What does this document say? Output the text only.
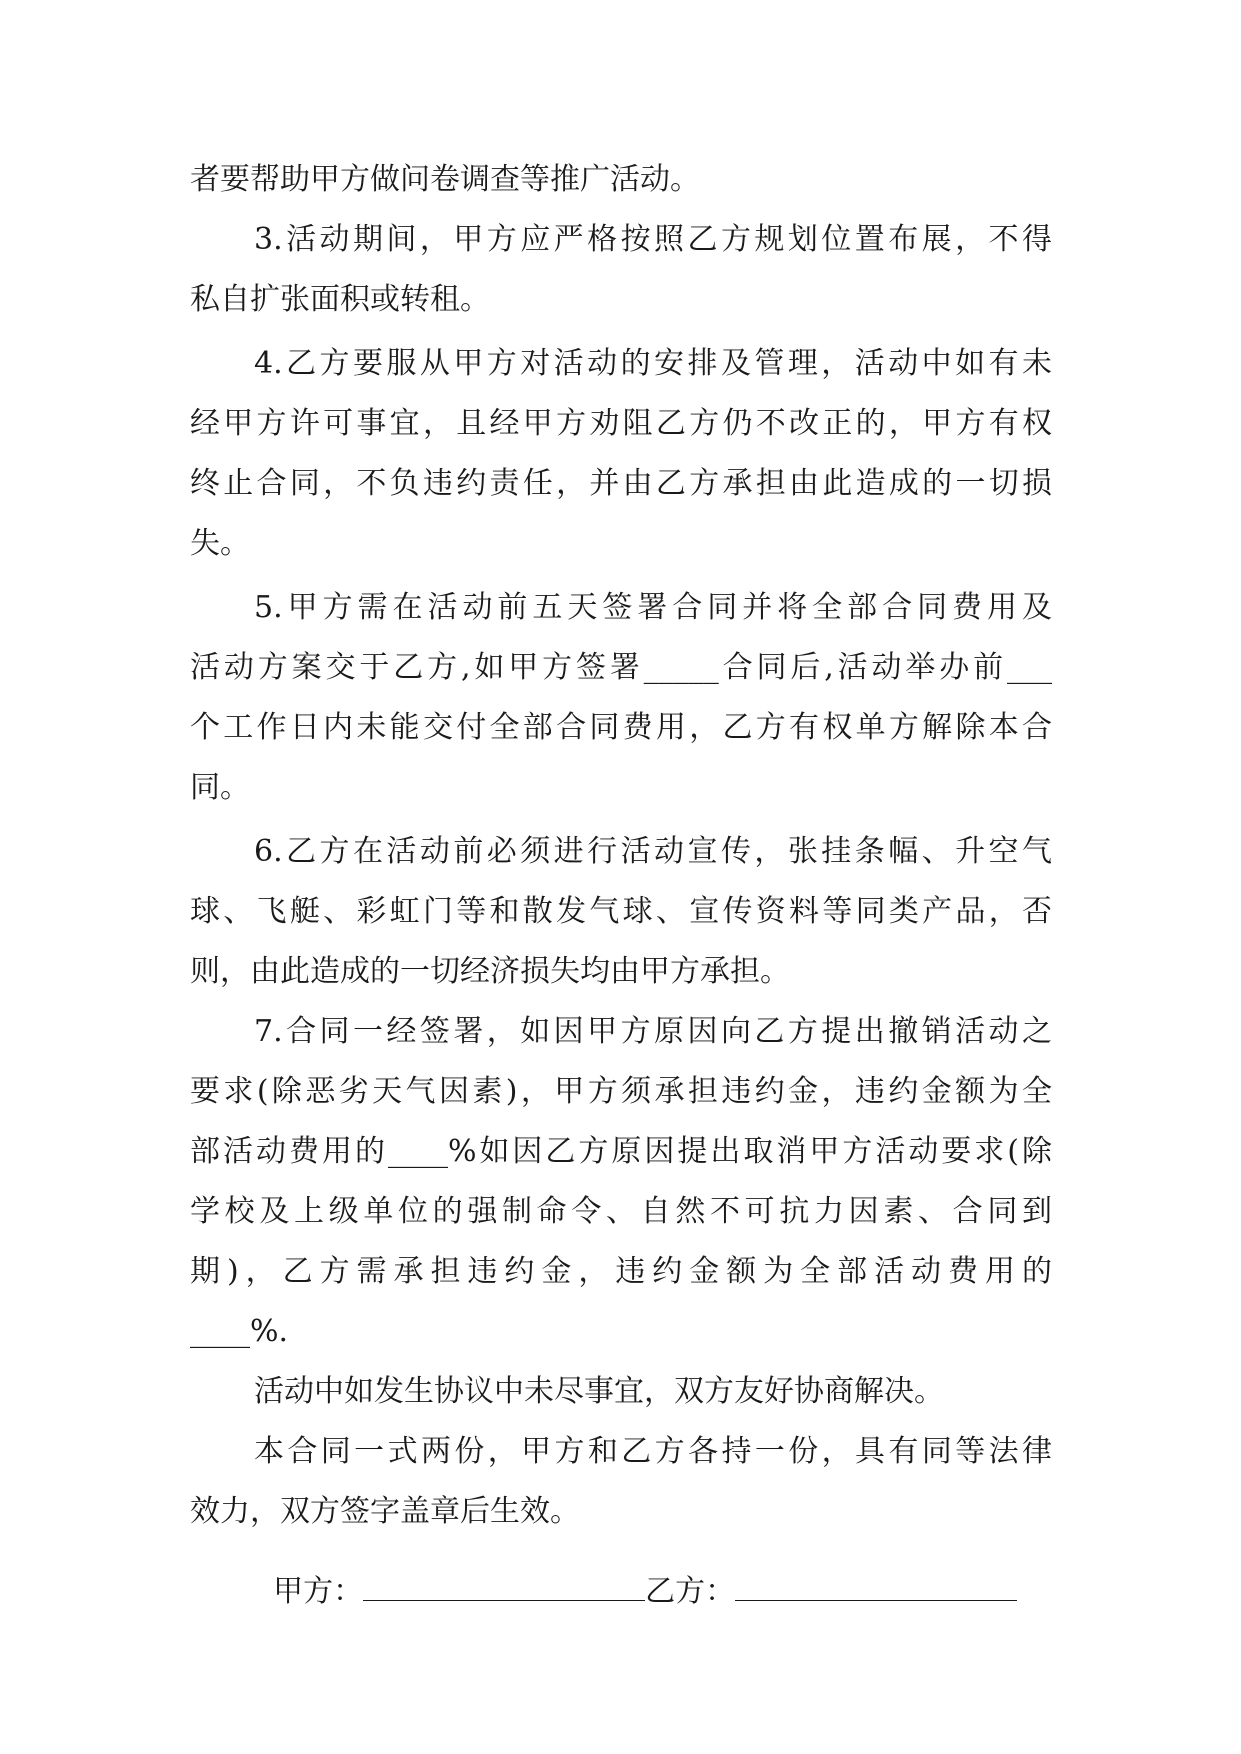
者要帮助甲方做问卷调查等推广活动。
3.活动期间，甲方应严格按照乙方规划位置布展，不得
私自扩张面积或转租。
4.乙方要服从甲方对活动的安排及管理，活动中如有未
经甲方许可事宜，且经甲方劝阻乙方仍不改正的，甲方有权
终止合同，不负违约责任，并由乙方承担由此造成的一切损
失。
5.甲方需在活动前五天签署合同并将全部合同费用及
活动方案交于乙方,如甲方签署_____合同后,活动举办前___
个工作日内未能交付全部合同费用，乙方有权单方解除本合
同。
6.乙方在活动前必须进行活动宣传，张挂条幅、升空气
球、飞艇、彩虹门等和散发气球、宣传资料等同类产品，否
则，由此造成的一切经济损失均由甲方承担。
7.合同一经签署，如因甲方原因向乙方提出撤销活动之
要求(除恶劣天气因素)，甲方须承担违约金，违约金额为全
部活动费用的____%如因乙方原因提出取消甲方活动要求(除
学校及上级单位的强制命令、自然不可抗力因素、合同到
期)，乙方需承担违约金，违约金额为全部活动费用的
____%.
活动中如发生协议中未尽事宜，双方友好协商解决。
本合同一式两份，甲方和乙方各持一份，具有同等法律
效力，双方签字盖章后生效。

甲方：	乙方：
